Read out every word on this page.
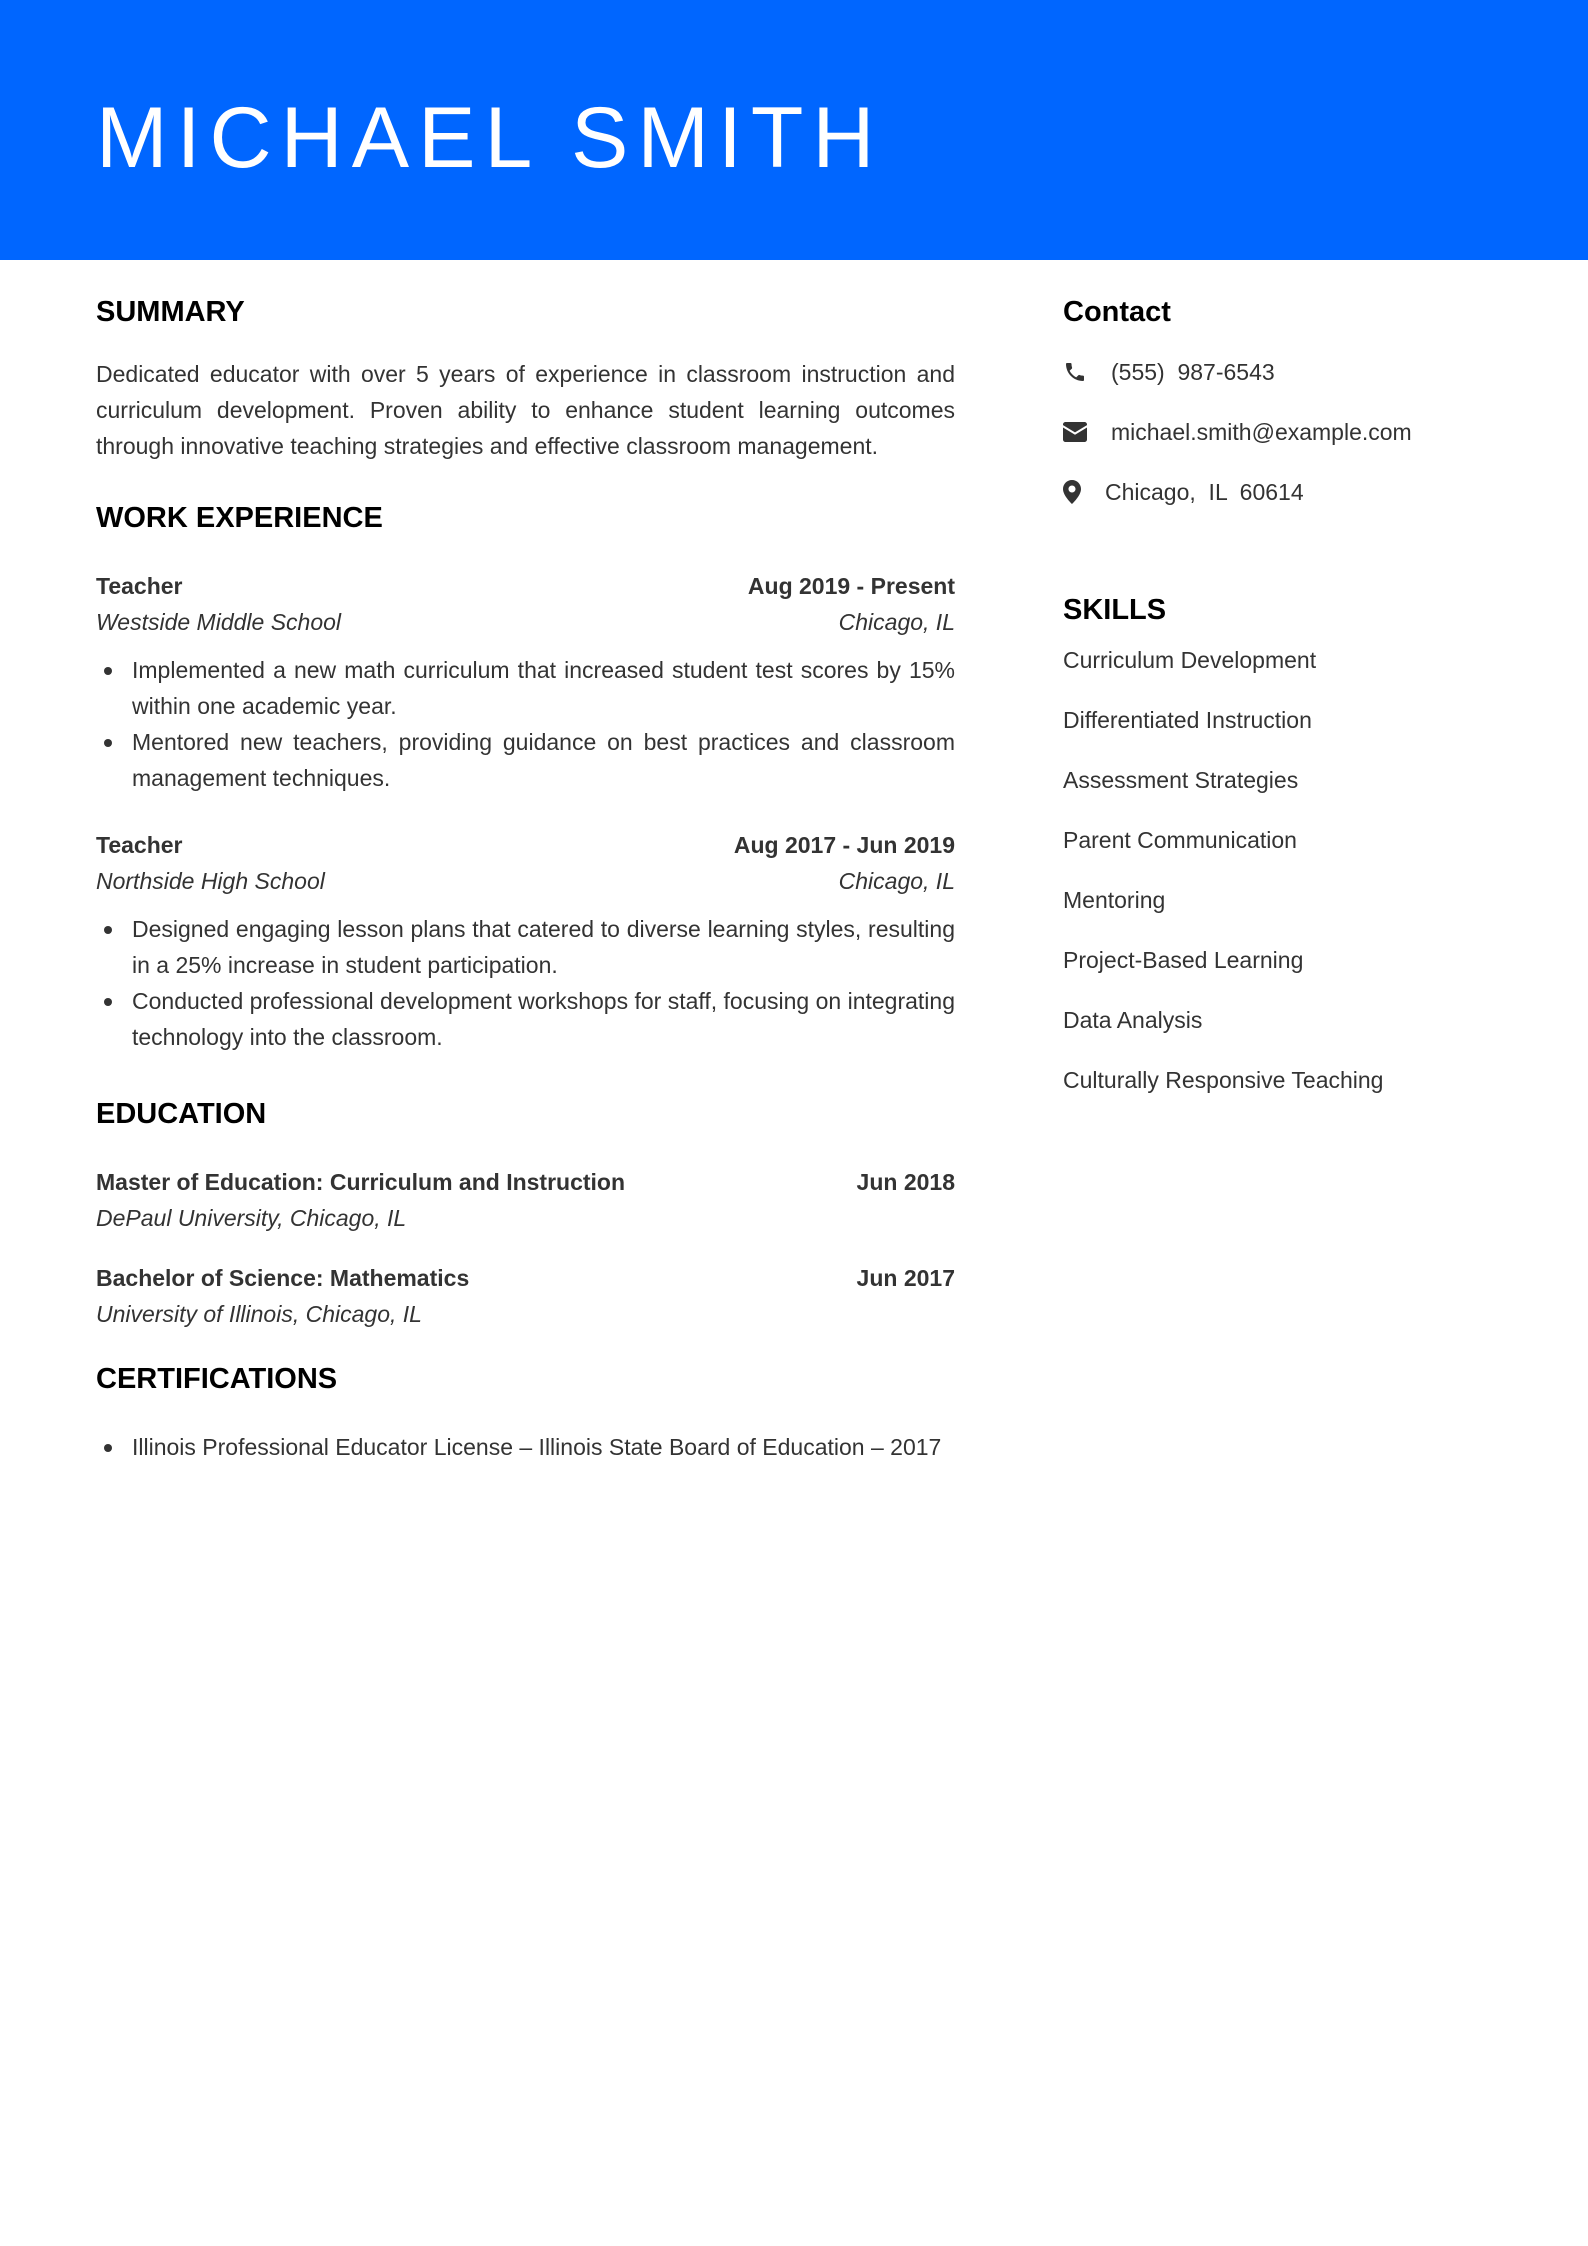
MICHAEL SMITH
SUMMARY
Dedicated educator with over 5 years of experience in classroom instruction and curriculum development. Proven ability to enhance student learning outcomes through innovative teaching strategies and effective classroom management.
WORK EXPERIENCE
Teacher	Aug 2019 - Present
Westside Middle School	Chicago, IL
Implemented a new math curriculum that increased student test scores by 15% within one academic year.
Mentored new teachers, providing guidance on best practices and classroom management techniques.
Teacher	Aug 2017 - Jun 2019
Northside High School	Chicago, IL
Designed engaging lesson plans that catered to diverse learning styles, resulting in a 25% increase in student participation.
Conducted professional development workshops for staff, focusing on integrating technology into the classroom.
EDUCATION
Master of Education: Curriculum and Instruction	Jun 2018
DePaul University, Chicago, IL
Bachelor of Science: Mathematics	Jun 2017
University of Illinois, Chicago, IL
CERTIFICATIONS
Illinois Professional Educator License – Illinois State Board of Education – 2017
Contact
(555)  987-6543
michael.smith@example.com
Chicago,  IL  60614
SKILLS
Curriculum Development
Differentiated Instruction
Assessment Strategies
Parent Communication
Mentoring
Project-Based Learning
Data Analysis
Culturally Responsive Teaching
